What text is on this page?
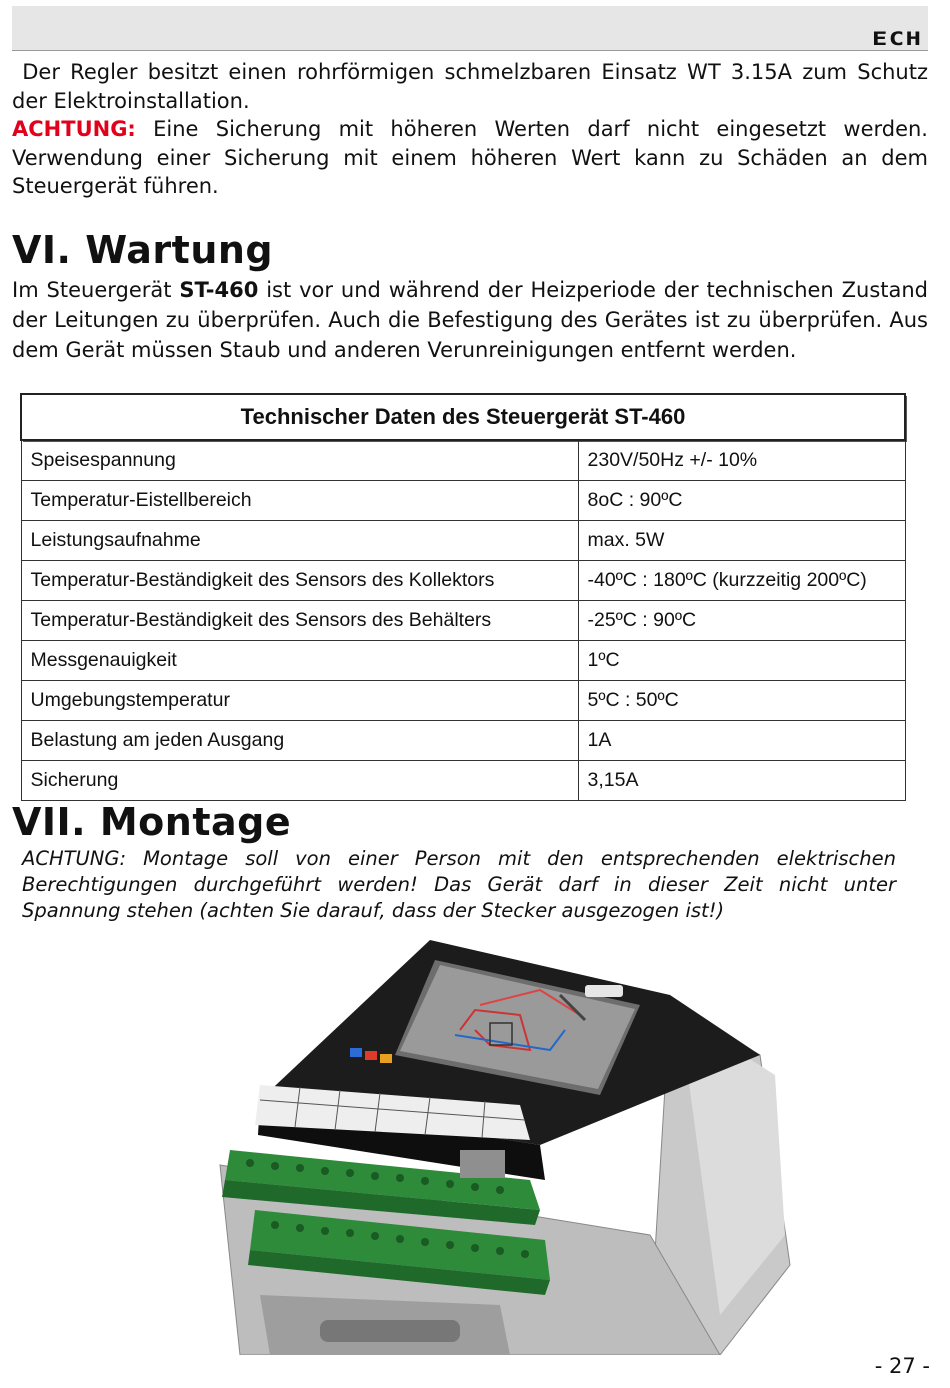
ECH

Der Regler besitzt einen rohrförmigen schmelzbaren Einsatz WT 3.15A zum Schutz der Elektroinstallation.
ACHTUNG: Eine Sicherung mit höheren Werten darf nicht eingesetzt werden. Verwendung einer Sicherung mit einem höheren Wert kann zu Schäden an dem Steuergerät führen.

VI. Wartung

Im Steuergerät ST-460 ist vor und während der Heizperiode der technischen Zustand der Leitungen zu überprüfen. Auch die Befestigung des Gerätes ist zu überprüfen. Aus dem Gerät müssen Staub und anderen Verunreinigungen entfernt werden.

Technischer Daten des Steuergerät ST-460	
Speisespannung	230V/50Hz +/- 10%
Temperatur-Eistellbereich	8oC : 90ºC
Leistungsaufnahme	max. 5W
Temperatur-Beständigkeit des Sensors des Kollektors	-40ºC : 180ºC (kurzzeitig 200ºC)
Temperatur-Beständigkeit des Sensors des Behälters	-25ºC : 90ºC
Messgenauigkeit	1ºC
Umgebungstemperatur	5ºC : 50ºC
Belastung am jeden Ausgang	1A
Sicherung	3,15A
VII. Montage

ACHTUNG: Montage soll von einer Person mit den entsprechenden elektrischen Berechtigungen durchgeführt werden! Das Gerät darf in dieser Zeit nicht unter Spannung stehen (achten Sie darauf, dass der Stecker ausgezogen ist!)

- 27 -
